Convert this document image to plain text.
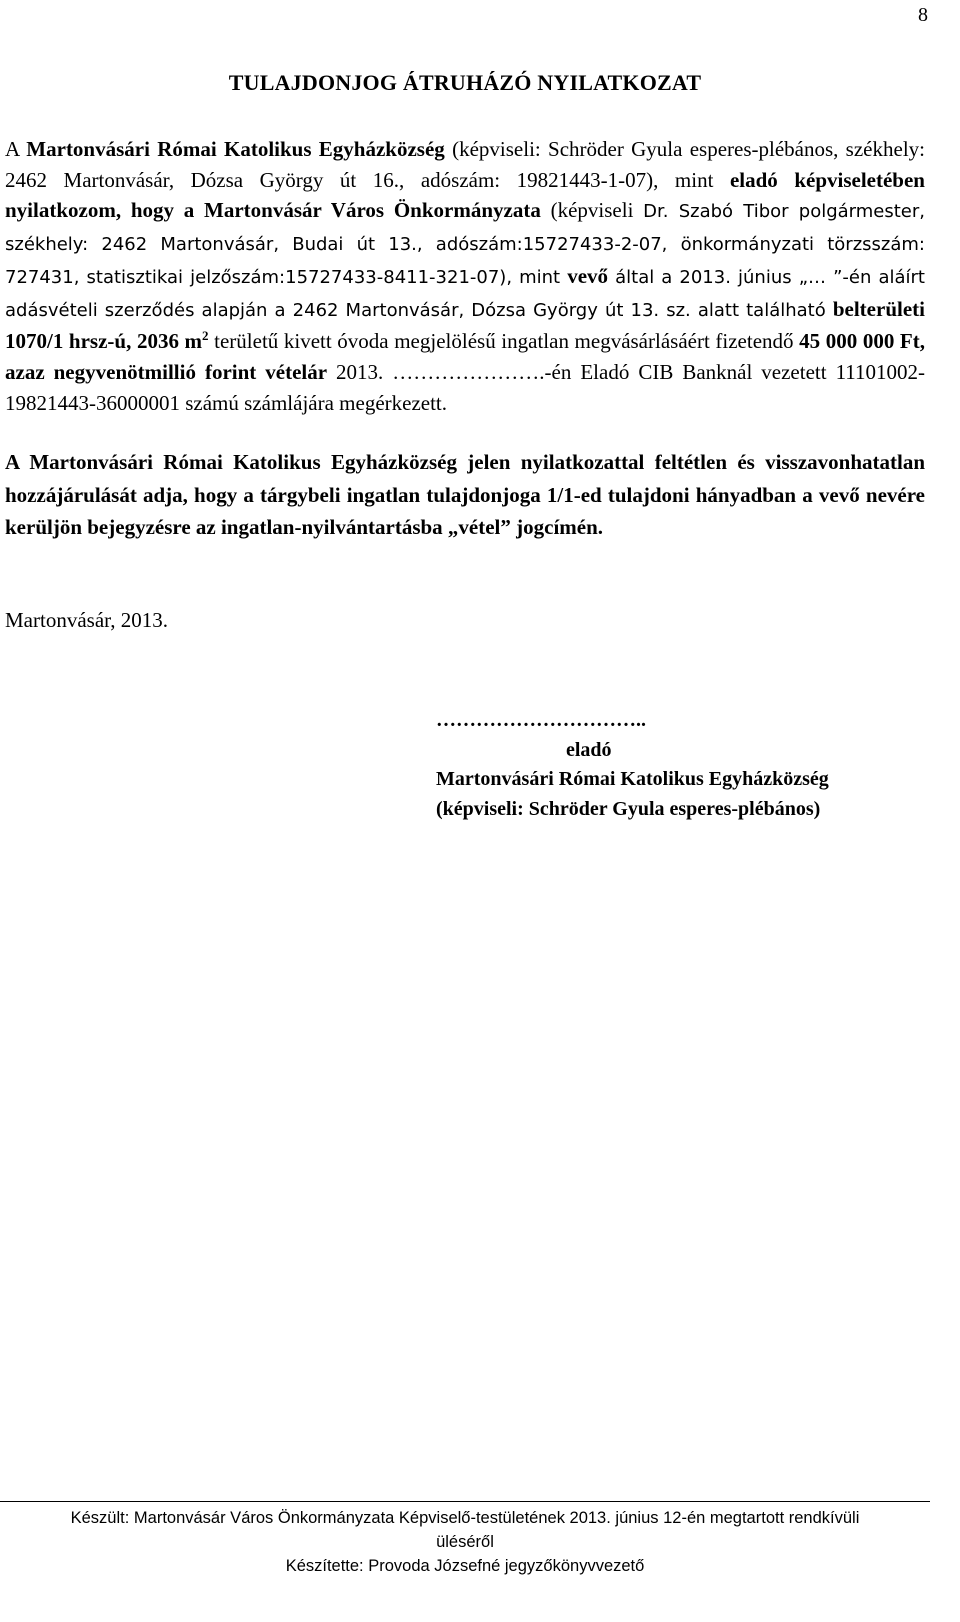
8
TULAJDONJOG ÁTRUHÁZÓ NYILATKOZAT
A Martonvásári Római Katolikus Egyházközség (képviseli: Schröder Gyula esperes-plébános, székhely: 2462 Martonvásár, Dózsa György út 16., adószám: 19821443-1-07), mint eladó képviseletében nyilatkozom, hogy a Martonvásár Város Önkormányzata (képviseli Dr. Szabó Tibor polgármester, székhely: 2462 Martonvásár, Budai út 13., adószám:15727433-2-07, önkormányzati törzsszám: 727431, statisztikai jelzőszám:15727433-8411-321-07), mint vevő által a 2013. június „… ”-én aláírt adásvételi szerződés alapján a 2462 Martonvásár, Dózsa György út 13. sz. alatt található belterületi 1070/1 hrsz-ú, 2036 $m^2$ területű kivett óvoda megjelölésű ingatlan megvásárlásáért fizetendő 45 000 000 Ft, azaz negyvenötmillió forint vételár 2013. ………………….-én Eladó CIB Banknál vezetett 11101002-19821443-36000001 számú számlájára megérkezett.
A Martonvásári Római Katolikus Egyházközség jelen nyilatkozattal feltétlen és visszavonhatatlan hozzájárulását adja, hogy a tárgybeli ingatlan tulajdonjoga 1/1-ed tulajdoni hányadban a vevő nevére kerüljön bejegyzésre az ingatlan-nyilvántartásba „vétel” jogcímén.
Martonvásár, 2013.
…………………………..
eladó
Martonvásári Római Katolikus Egyházközség
(képviseli: Schröder Gyula esperes-plébános)
Készült: Martonvásár Város Önkormányzata Képviselő-testületének 2013. június 12-én megtartott rendkívüli
üléséről
Készítette: Provoda Józsefné jegyzőkönyvvezető
